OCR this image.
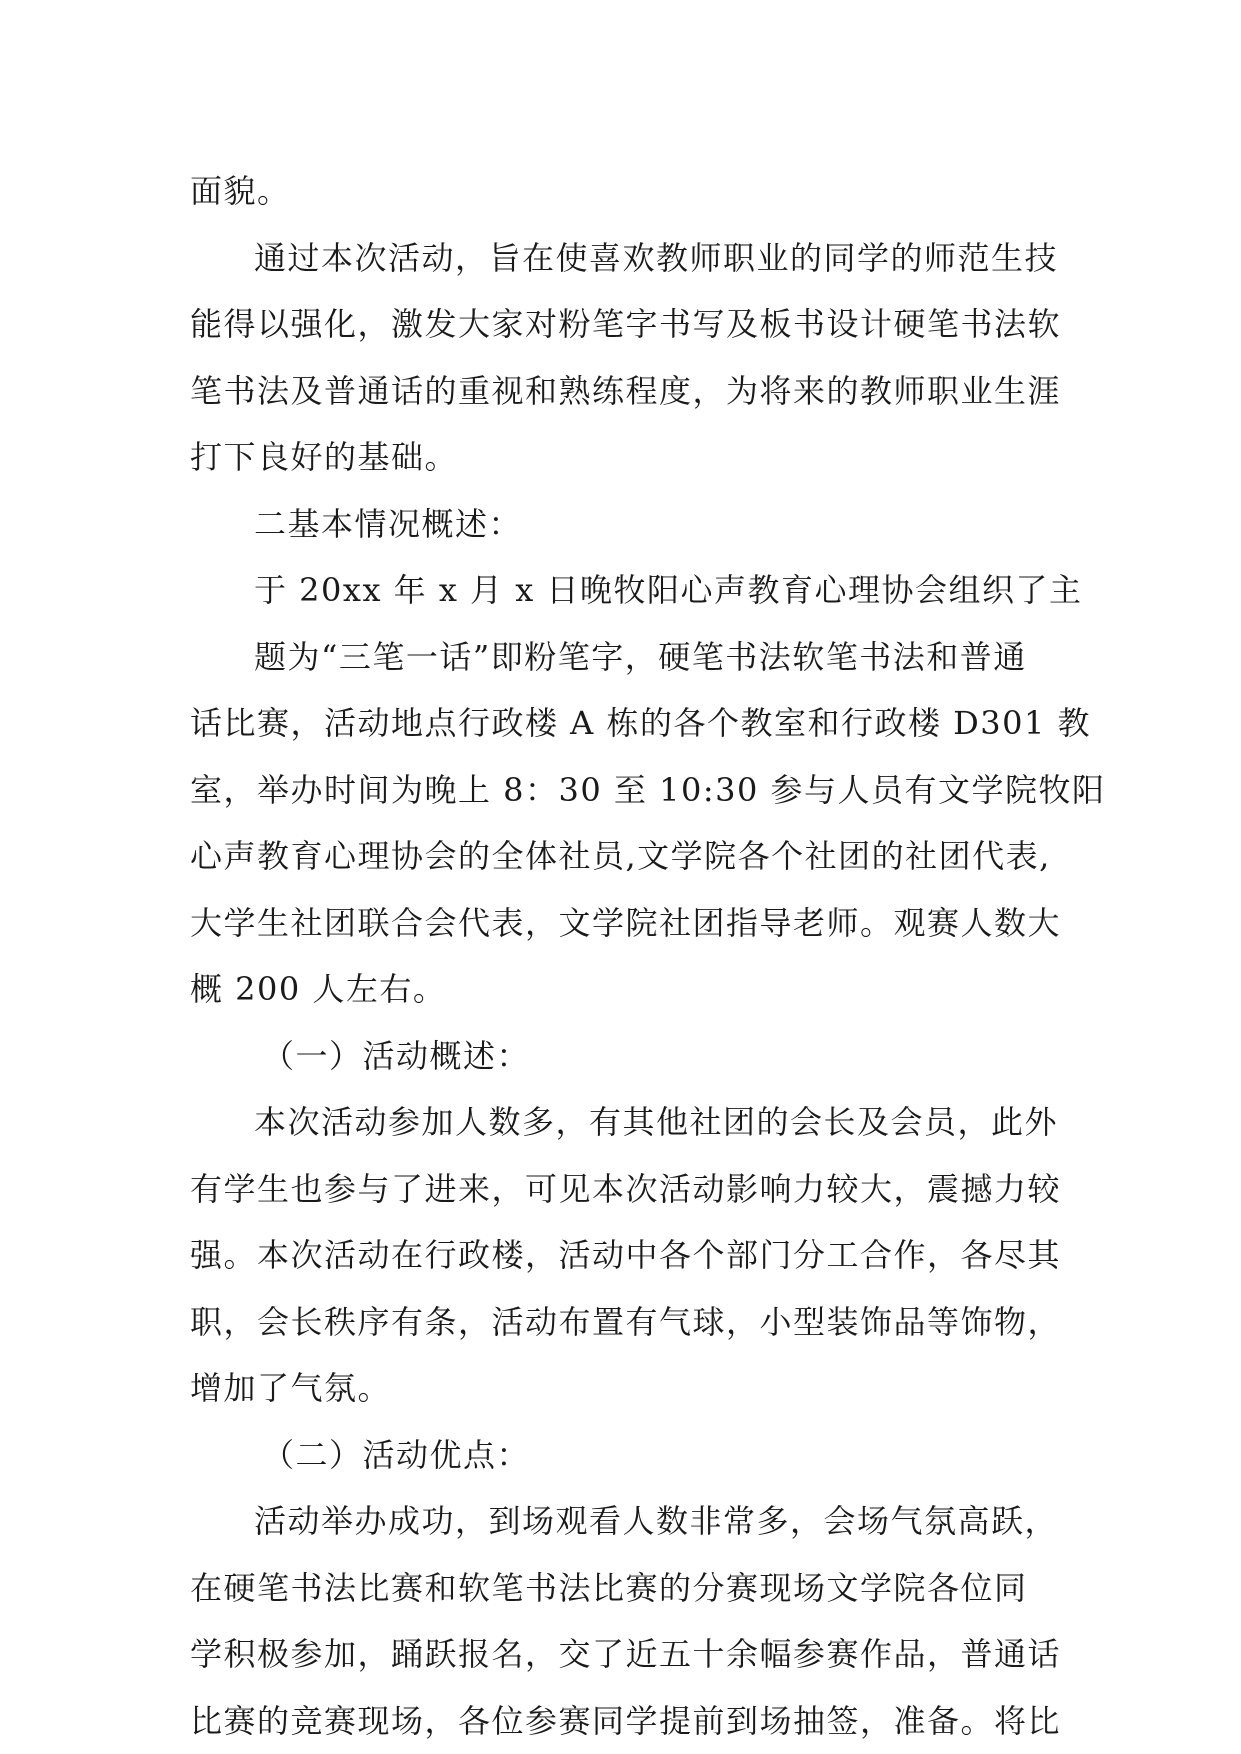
面貌。
通过本次活动，旨在使喜欢教师职业的同学的师范生技
能得以强化，激发大家对粉笔字书写及板书设计硬笔书法软
笔书法及普通话的重视和熟练程度，为将来的教师职业生涯
打下良好的基础。
二基本情况概述：
于 20xx 年 x 月 x 日晚牧阳心声教育心理协会组织了主
题为“三笔一话”即粉笔字，硬笔书法软笔书法和普通
话比赛，活动地点行政楼 A 栋的各个教室和行政楼 D301 教
室，举办时间为晚上 8：30 至 10:30 参与人员有文学院牧阳
心声教育心理协会的全体社员,文学院各个社团的社团代表,
大学生社团联合会代表，文学院社团指导老师。观赛人数大
概 200 人左右。
（一）活动概述：
本次活动参加人数多，有其他社团的会长及会员，此外
有学生也参与了进来，可见本次活动影响力较大，震撼力较
强。本次活动在行政楼，活动中各个部门分工合作，各尽其
职，会长秩序有条，活动布置有气球，小型装饰品等饰物，
增加了气氛。
（二）活动优点：
活动举办成功，到场观看人数非常多，会场气氛高跃，
在硬笔书法比赛和软笔书法比赛的分赛现场文学院各位同
学积极参加，踊跃报名，交了近五十余幅参赛作品，普通话
比赛的竞赛现场，各位参赛同学提前到场抽签，准备。将比
